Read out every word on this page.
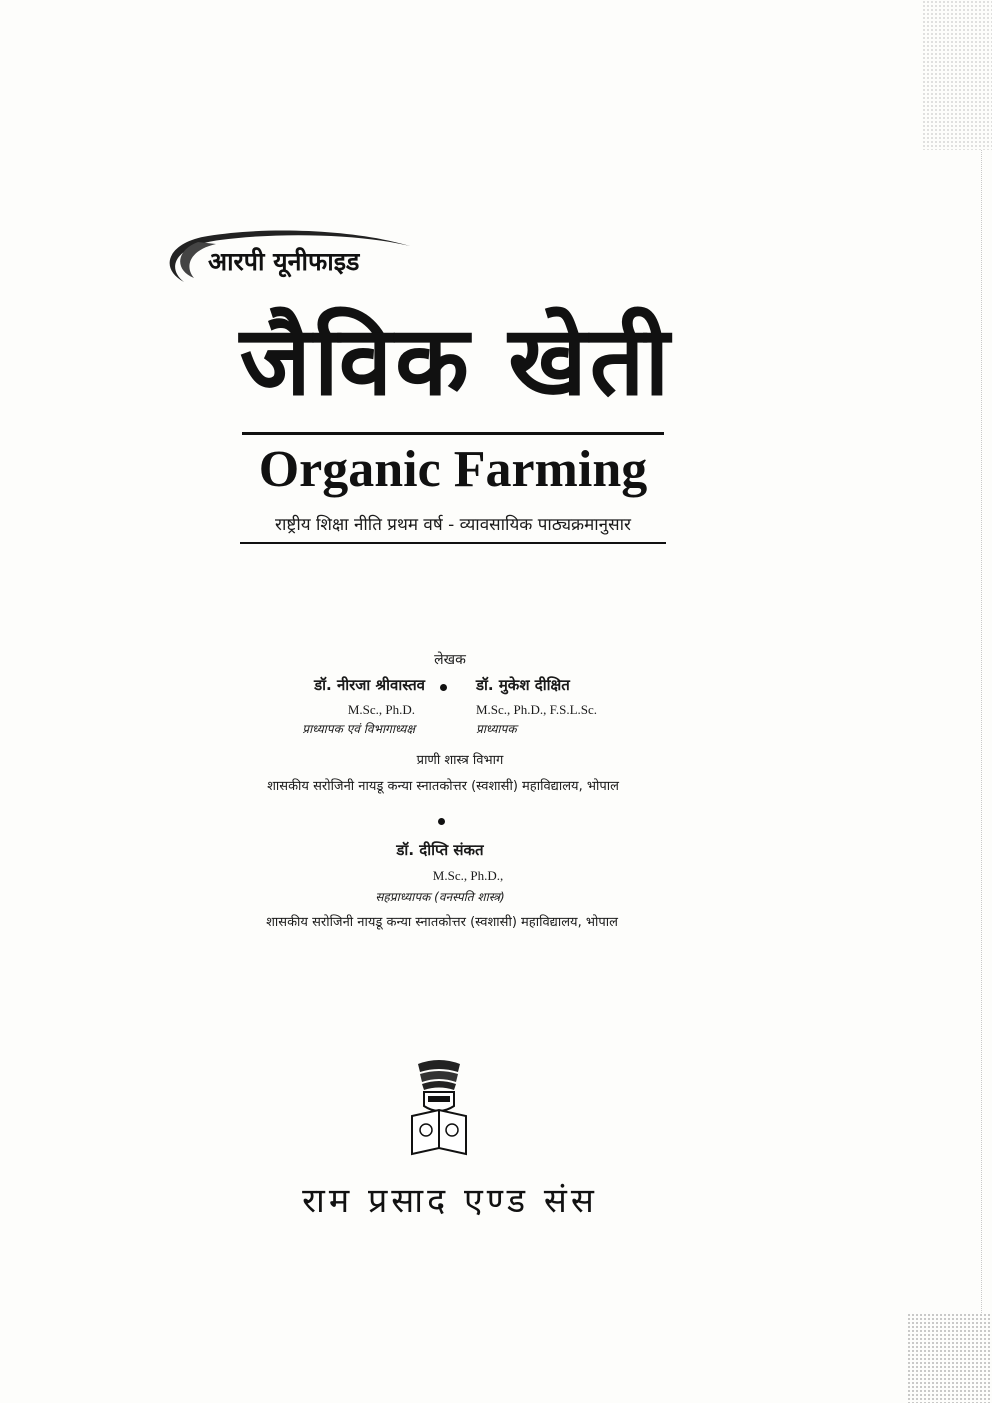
आरपी यूनीफाइड
जैविक खेती
Organic Farming
राष्ट्रीय शिक्षा नीति प्रथम वर्ष - व्यावसायिक पाठ्यक्रमानुसार
लेखक
डॉ. नीरजा श्रीवास्तव	डॉ. मुकेश दीक्षित
M.Sc., Ph.D.	M.Sc., Ph.D., F.S.L.Sc.
प्राध्यापक एवं विभागाध्यक्ष	प्राध्यापक
प्राणी शास्त्र विभाग
शासकीय सरोजिनी नायडू कन्या स्नातकोत्तर (स्वशासी) महाविद्यालय, भोपाल
डॉ. दीप्ति संकत
M.Sc., Ph.D.,
सहप्राध्यापक (वनस्पति शास्त्र)
शासकीय सरोजिनी नायडू कन्या स्नातकोत्तर (स्वशासी) महाविद्यालय, भोपाल
राम प्रसाद एण्ड संस
